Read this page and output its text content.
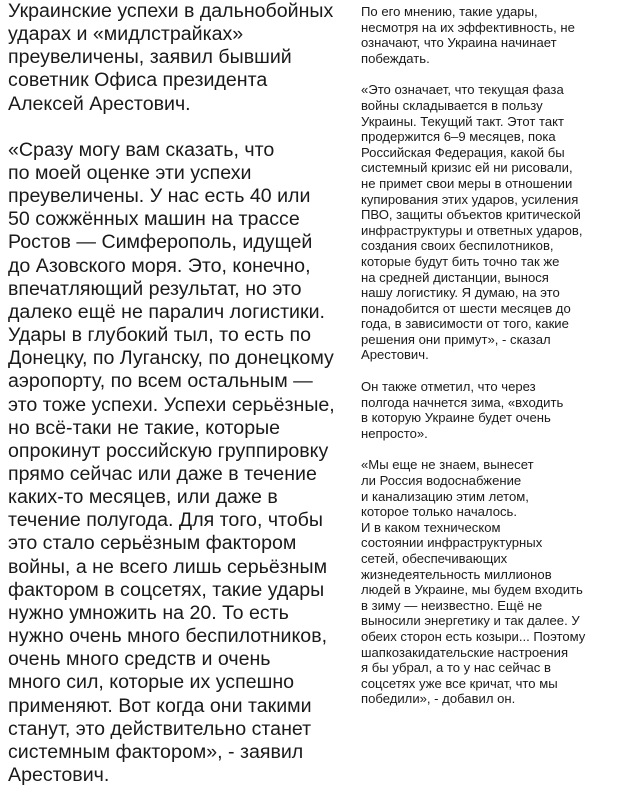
Украинские успехи в дальнобойных
ударах и «мидлстрайках»
преувеличены, заявил бывший
советник Офиса президента
Алексей Арестович.

«Сразу могу вам сказать, что
по моей оценке эти успехи
преувеличены. У нас есть 40 или
50 сожжённых машин на трассе
Ростов — Симферополь, идущей
до Азовского моря. Это, конечно,
впечатляющий результат, но это
далеко ещё не паралич логистики.
Удары в глубокий тыл, то есть по
Донецку, по Луганску, по донецкому
аэропорту, по всем остальным —
это тоже успехи. Успехи серьёзные,
но всё-таки не такие, которые
опрокинут российскую группировку
прямо сейчас или даже в течение
каких-то месяцев, или даже в
течение полугода. Для того, чтобы
это стало серьёзным фактором
войны, а не всего лишь серьёзным
фактором в соцсетях, такие удары
нужно умножить на 20. То есть
нужно очень много беспилотников,
очень много средств и очень
много сил, которые их успешно
применяют. Вот когда они такими
станут, это действительно станет
системным фактором», - заявил
Арестович.

По его мнению, такие удары,
несмотря на их эффективность, не
означают, что Украина начинает
побеждать.

«Это означает, что текущая фаза
войны складывается в пользу
Украины. Текущий такт. Этот такт
продержится 6–9 месяцев, пока
Российская Федерация, какой бы
системный кризис ей ни рисовали,
не примет свои меры в отношении
купирования этих ударов, усиления
ПВО, защиты объектов критической
инфраструктуры и ответных ударов,
создания своих беспилотников,
которые будут бить точно так же
на средней дистанции, вынося
нашу логистику. Я думаю, на это
понадобится от шести месяцев до
года, в зависимости от того, какие
решения они примут», - сказал
Арестович.

Он также отметил, что через
полгода начнется зима, «входить
в которую Украине будет очень
непросто».

«Мы еще не знаем, вынесет
ли Россия водоснабжение
и канализацию этим летом,
которое только началось.
И в каком техническом
состоянии инфраструктурных
сетей, обеспечивающих
жизнедеятельность миллионов
людей в Украине, мы будем входить
в зиму — неизвестно. Ещё не
выносили энергетику и так далее. У
обеих сторон есть козыри... Поэтому
шапкозакидательские настроения
я бы убрал, а то у нас сейчас в
соцсетях уже все кричат, что мы
победили», - добавил он.
